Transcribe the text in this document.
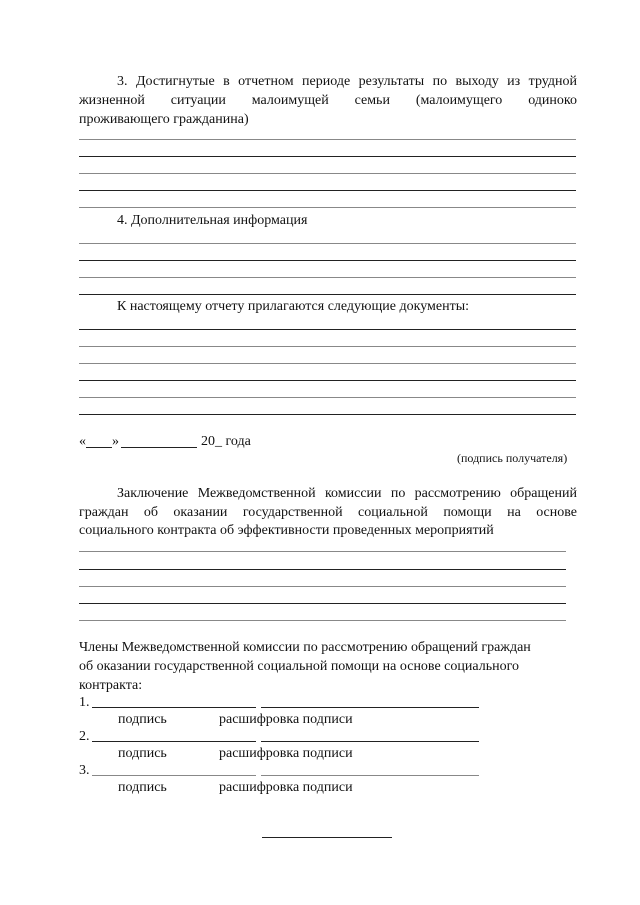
3. Достигнутые в отчетном периоде результаты по выходу из трудной
жизненной ситуации малоимущей семьи (малоимущего одиноко
проживающего гражданина)
4. Дополнительная информация
К настоящему отчету прилагаются следующие документы:
« »	20_ года
(подпись получателя)
Заключение Межведомственной комиссии по рассмотрению обращений
граждан об оказании государственной социальной помощи на основе
социального контракта об эффективности проведенных мероприятий
Члены Межведомственной комиссии по рассмотрению обращений граждан
об оказании государственной социальной помощи на основе социального
контракта:
1.
подпись	расшифровка подписи
2.
подпись	расшифровка подписи
3.
подпись	расшифровка подписи
